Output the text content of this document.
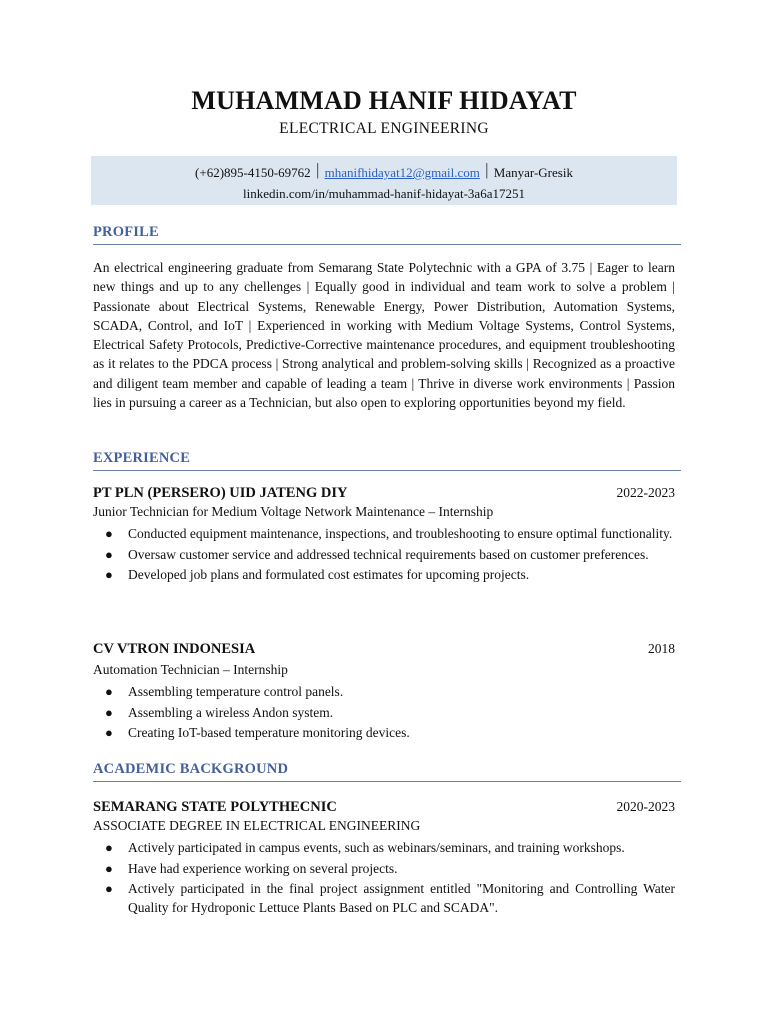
MUHAMMAD HANIF HIDAYAT
ELECTRICAL ENGINEERING
(+62)895-4150-69762 | mhanifhidayat12@gmail.com | Manyar-Gresik
linkedin.com/in/muhammad-hanif-hidayat-3a6a17251
PROFILE
An electrical engineering graduate from Semarang State Polytechnic with a GPA of 3.75 | Eager to learn new things and up to any chellenges | Equally good in individual and team work to solve a problem | Passionate about Electrical Systems, Renewable Energy, Power Distribution, Automation Systems, SCADA, Control, and IoT | Experienced in working with Medium Voltage Systems, Control Systems, Electrical Safety Protocols, Predictive-Corrective maintenance procedures, and equipment troubleshooting as it relates to the PDCA process | Strong analytical and problem-solving skills | Recognized as a proactive and diligent team member and capable of leading a team | Thrive in diverse work environments | Passion lies in pursuing a career as a Technician, but also open to exploring opportunities beyond my field.
EXPERIENCE
PT PLN (PERSERO) UID JATENG DIY	2022-2023
Junior Technician for Medium Voltage Network Maintenance – Internship
● Conducted equipment maintenance, inspections, and troubleshooting to ensure optimal functionality.
● Oversaw customer service and addressed technical requirements based on customer preferences.
● Developed job plans and formulated cost estimates for upcoming projects.
CV VTRON INDONESIA	2018
Automation Technician – Internship
● Assembling temperature control panels.
● Assembling a wireless Andon system.
● Creating IoT-based temperature monitoring devices.
ACADEMIC BACKGROUND
SEMARANG STATE POLYTHECNIC	2020-2023
ASSOCIATE DEGREE IN ELECTRICAL ENGINEERING
● Actively participated in campus events, such as webinars/seminars, and training workshops.
● Have had experience working on several projects.
● Actively participated in the final project assignment entitled "Monitoring and Controlling Water Quality for Hydroponic Lettuce Plants Based on PLC and SCADA".
